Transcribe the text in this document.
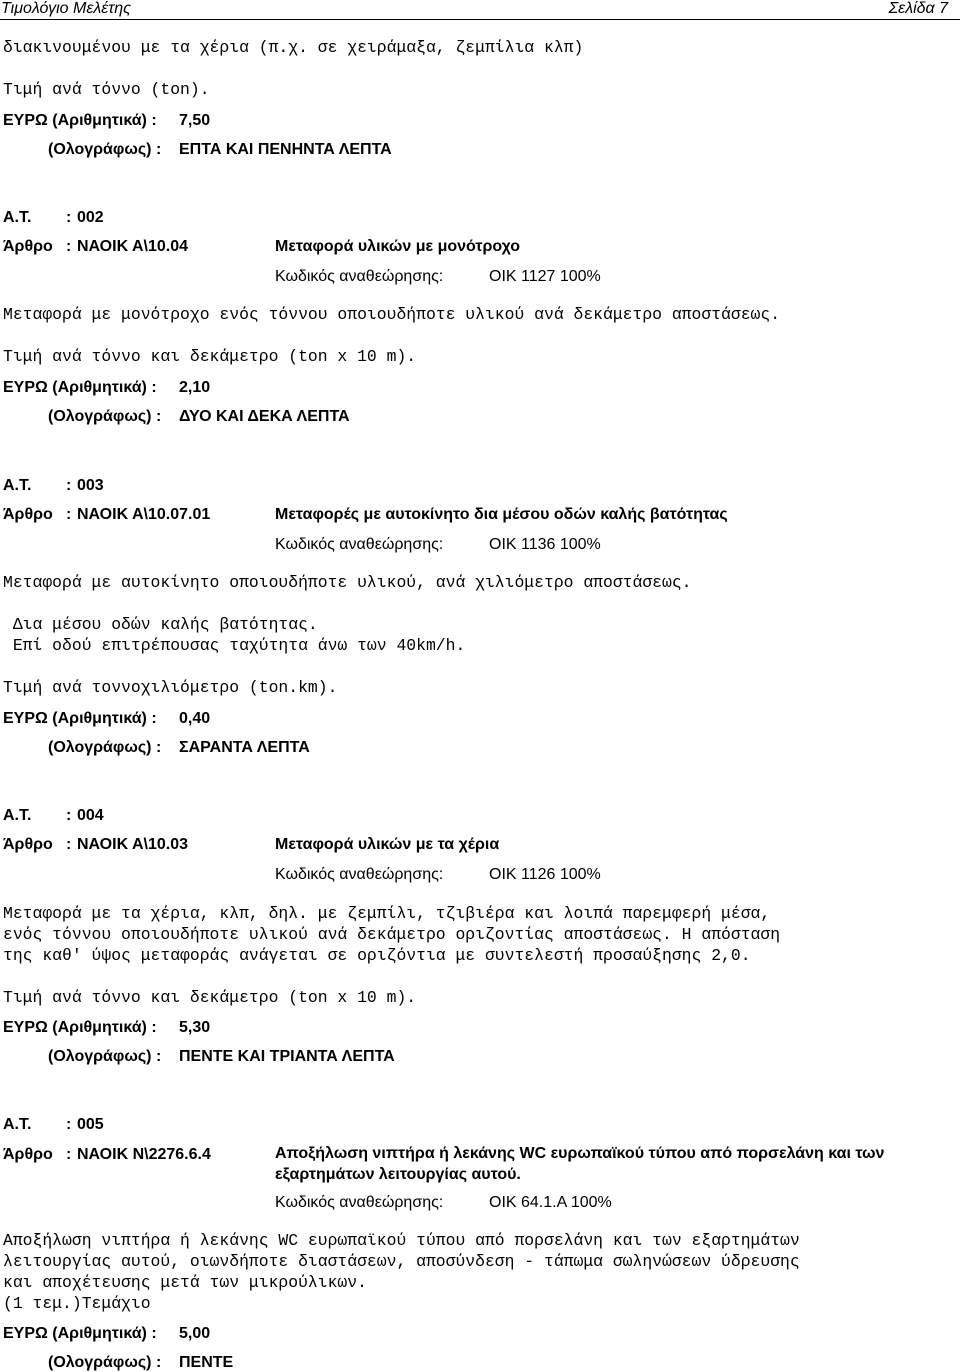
Τιμολόγιο Μελέτης	Σελίδα 7
διακινουμένου με τα χέρια (π.χ. σε χειράμαξα, ζεμπίλια κλπ)
Τιμή ανά τόννο (ton).
ΕΥΡΩ (Αριθμητικά) : 7,50
(Ολογράφως) : ΕΠΤΑ ΚΑΙ ΠΕΝΗΝΤΑ ΛΕΠΤΑ
Α.Τ. : 002
Άρθρο : ΝΑΟΙΚ Α\10.04	Μεταφορά υλικών με μονότροχο
Κωδικός αναθεώρησης:	ΟΙΚ 1127 100%
Μεταφορά με μονότροχο ενός τόννου οποιουδήποτε υλικού ανά δεκάμετρο αποστάσεως.
Τιμή ανά τόννο και δεκάμετρο (ton x 10 m).
ΕΥΡΩ (Αριθμητικά) : 2,10
(Ολογράφως) : ΔΥΟ ΚΑΙ ΔΕΚΑ ΛΕΠΤΑ
Α.Τ. : 003
Άρθρο : ΝΑΟΙΚ Α\10.07.01	Μεταφορές με αυτοκίνητο δια μέσου οδών καλής βατότητας
Κωδικός αναθεώρησης:	ΟΙΚ 1136 100%
Μεταφορά με αυτοκίνητο οποιουδήποτε υλικού, ανά χιλιόμετρο αποστάσεως.
Δια μέσου οδών καλής βατότητας.
Επί οδού επιτρέπουσας ταχύτητα άνω των 40km/h.
Τιμή ανά τοννοχιλιόμετρο (ton.km).
ΕΥΡΩ (Αριθμητικά) : 0,40
(Ολογράφως) : ΣΑΡΑΝΤΑ ΛΕΠΤΑ
Α.Τ. : 004
Άρθρο : ΝΑΟΙΚ Α\10.03	Μεταφορά υλικών με τα χέρια
Κωδικός αναθεώρησης:	ΟΙΚ 1126 100%
Μεταφορά με τα χέρια, κλπ, δηλ. με ζεμπίλι, τζιβιέρα και λοιπά παρεμφερή μέσα,
ενός τόννου οποιουδήποτε υλικού ανά δεκάμετρο οριζοντίας αποστάσεως. Η απόσταση
της καθ' ύψος μεταφοράς ανάγεται σε οριζόντια με συντελεστή προσαύξησης 2,0.
Τιμή ανά τόννο και δεκάμετρο (ton x 10 m).
ΕΥΡΩ (Αριθμητικά) : 5,30
(Ολογράφως) : ΠΕΝΤΕ ΚΑΙ ΤΡΙΑΝΤΑ ΛΕΠΤΑ
Α.Τ. : 005
Άρθρο : ΝΑΟΙΚ Ν\2276.6.4	Αποξήλωση νιπτήρα ή λεκάνης WC ευρωπαϊκού τύπου από πορσελάνη και των εξαρτημάτων λειτουργίας αυτού.
Κωδικός αναθεώρησης:	ΟΙΚ 64.1.Α 100%
Αποξήλωση νιπτήρα ή λεκάνης WC ευρωπαϊκού τύπου από πορσελάνη και των εξαρτημάτων
λειτουργίας αυτού, οιωνδήποτε διαστάσεων, αποσύνδεση - τάπωμα σωληνώσεων ύδρευσης
και αποχέτευσης μετά των μικρούλικων.
(1 τεμ.)Τεμάχιο
ΕΥΡΩ (Αριθμητικά) : 5,00
(Ολογράφως) : ΠΕΝΤΕ
